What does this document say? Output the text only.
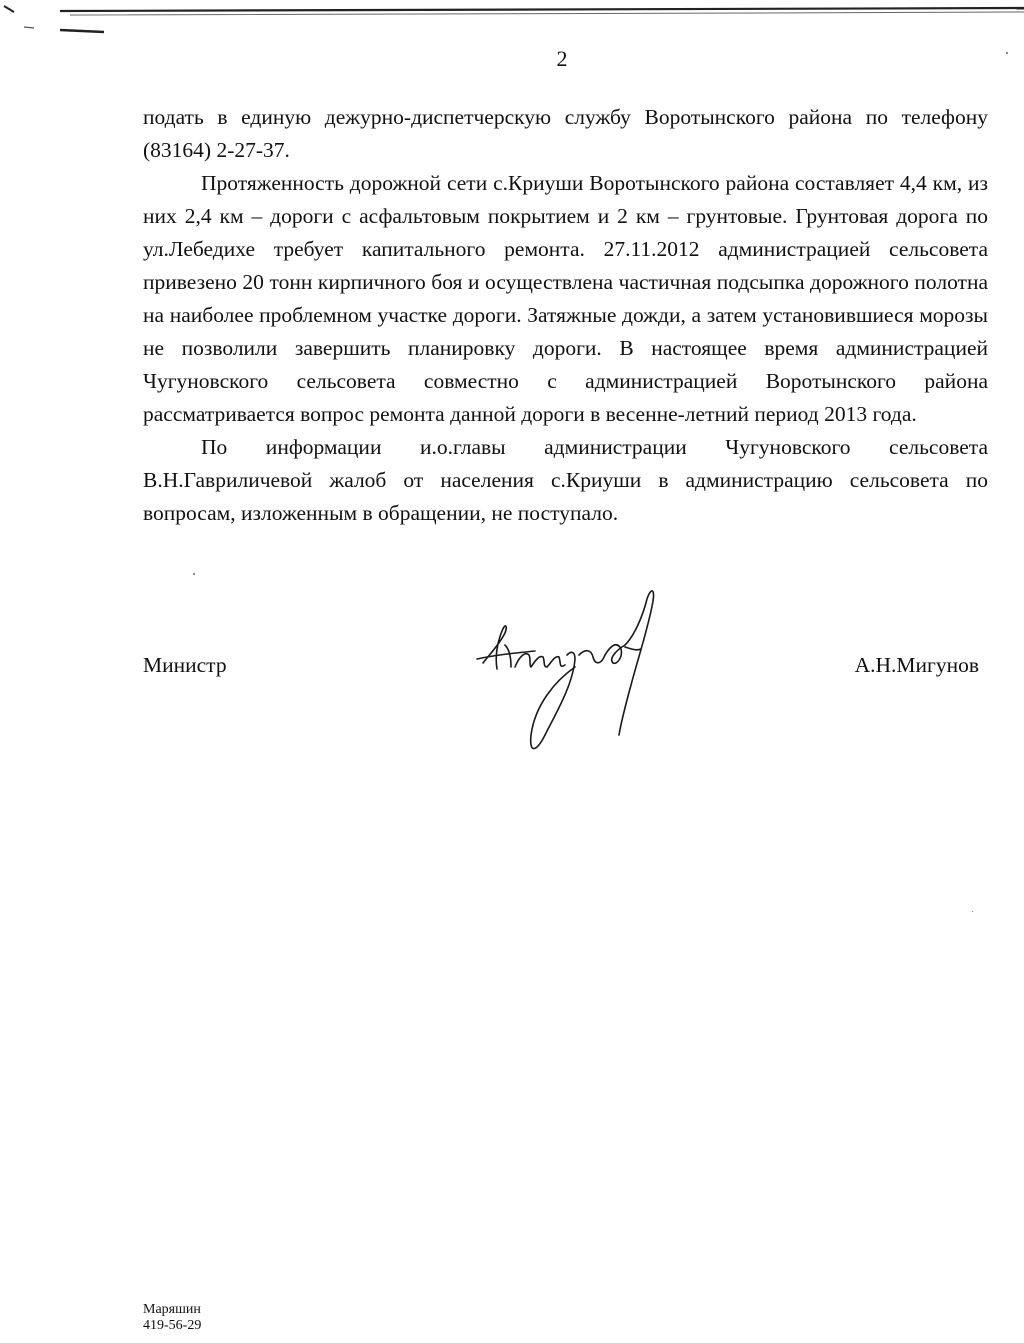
2

подать в единую дежурно-диспетчерскую службу Воротынского района по телефону (83164) 2-27-37.

Протяженность дорожной сети с.Криуши Воротынского района составляет 4,4 км, из них 2,4 км – дороги с асфальтовым покрытием и 2 км – грунтовые. Грунтовая дорога по ул.Лебедихе требует капитального ремонта. 27.11.2012 администрацией сельсовета привезено 20 тонн кирпичного боя и осуществлена частичная подсыпка дорожного полотна на наиболее проблемном участке дороги. Затяжные дожди, а затем установившиеся морозы не позволили завершить планировку дороги. В настоящее время администрацией Чугуновского сельсовета совместно с администрацией Воротынского района рассматривается вопрос ремонта данной дороги в весенне-летний период 2013 года.

По информации и.о.главы администрации Чугуновского сельсовета В.Н.Гавриличевой жалоб от населения с.Криуши в администрацию сельсовета по вопросам, изложенным в обращении, не поступало.

Министр	А.Н.Мигунов
Маряшин
419-56-29
